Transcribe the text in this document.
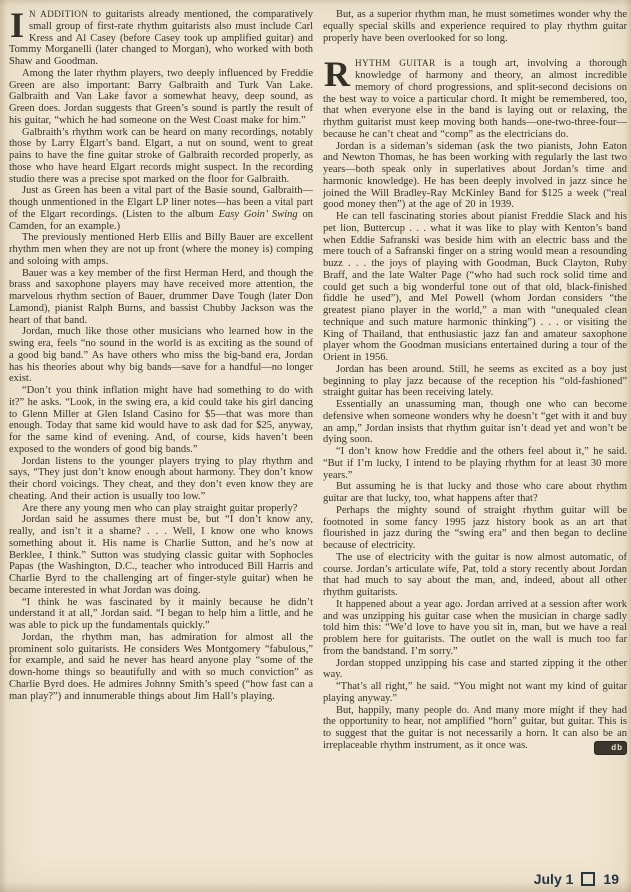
I N ADDITION to guitarists already mentioned, the comparatively small group of first-rate rhythm guitarists also must include Carl Kress and Al Casey (before Casey took up amplified guitar) and Tommy Morganelli (later changed to Morgan), who worked with both Shaw and Goodman.

Among the later rhythm players, two deeply influenced by Freddie Green are also important: Barry Galbraith and Turk Van Lake. Galbraith and Van Lake favor a somewhat heavy, deep sound, as Green does. Jordan suggests that Green’s sound is partly the result of his guitar, “which he had someone on the West Coast make for him.”

Galbraith’s rhythm work can be heard on many recordings, notably those by Larry Elgart’s band. Elgart, a nut on sound, went to great pains to have the fine guitar stroke of Galbraith recorded properly, as those who have heard Elgart records might suspect. In the recording studio there was a precise spot marked on the floor for Galbraith.

Just as Green has been a vital part of the Basie sound, Galbraith—though unmentioned in the Elgart LP liner notes—has been a vital part of the Elgart recordings. (Listen to the album Easy Goin’ Swing on Camden, for an example.)

The previously mentioned Herb Ellis and Billy Bauer are excellent rhythm men when they are not up front (where the money is) comping and soloing with amps.

Bauer was a key member of the first Herman Herd, and though the brass and saxophone players may have received more attention, the marvelous rhythm section of Bauer, drummer Dave Tough (later Don Lamond), pianist Ralph Burns, and bassist Chubby Jackson was the heart of that band.

Jordan, much like those other musicians who learned how in the swing era, feels “no sound in the world is as exciting as the sound of a good big band.” As have others who miss the big-band era, Jordan has his theories about why big bands—save for a handful—no longer exist.

“Don’t you think inflation might have had something to do with it?” he asks. “Look, in the swing era, a kid could take his girl dancing to Glenn Miller at Glen Island Casino for $5—that was more than enough. Today that same kid would have to ask dad for $25, anyway, for the same kind of evening. And, of course, kids haven’t been exposed to the wonders of good big bands.”

Jordan listens to the younger players trying to play rhythm and says, “They just don’t know enough about harmony. They don’t know their chord voicings. They cheat, and they don’t even know they are cheating. And their action is usually too low.”

Are there any young men who can play straight guitar properly?

Jordan said he assumes there must be, but “I don’t know any, really, and isn’t it a shame? . . . Well, I know one who knows something about it. His name is Charlie Sutton, and he’s now at Berklee, I think.” Sutton was studying classic guitar with Sophocles Papas (the Washington, D.C., teacher who introduced Bill Harris and Charlie Byrd to the challenging art of finger-style guitar) when he became interested in what Jordan was doing.

“I think he was fascinated by it mainly because he didn’t understand it at all,” Jordan said. “I began to help him a little, and he was able to pick up the fundamentals quickly.”

Jordan, the rhythm man, has admiration for almost all the prominent solo guitarists. He considers Wes Montgomery “fabulous,” for example, and said he never has heard anyone play “some of the down-home things so beautifully and with so much conviction” as Charlie Byrd does. He admires Johnny Smith’s speed (“how fast can a man play?”) and innumerable things about Jim Hall’s playing.

But, as a superior rhythm man, he must sometimes wonder why the equally special skills and experience required to play rhythm guitar properly have been overlooked for so long.

RHYTHM GUITAR is a tough art, involving a thorough knowledge of harmony and theory, an almost incredible memory of chord progressions, and split-second decisions on the best way to voice a particular chord. It might be remembered, too, that when everyone else in the band is laying out or relaxing, the rhythm guitarist must keep moving both hands—one-two-three-four—because he can’t cheat and “comp” as the electricians do.

Jordan is a sideman’s sideman (ask the two pianists, John Eaton and Newton Thomas, he has been working with regularly the last two years—both speak only in superlatives about Jordan’s time and harmonic knowledge). He has been deeply involved in jazz since he joined the Will Bradley-Ray McKinley Band for $125 a week (“real good money then”) at the age of 20 in 1939.

He can tell fascinating stories about pianist Freddie Slack and his pet lion, Buttercup . . . what it was like to play with Kenton’s band when Eddie Safranski was beside him with an electric bass and the mere touch of a Safranski finger on a string would mean a resounding buzz . . . the joys of playing with Goodman, Buck Clayton, Ruby Braff, and the late Walter Page (“who had such rock solid time and could get such a big wonderful tone out of that old, black-finished fiddle he used”), and Mel Powell (whom Jordan considers “the greatest piano player in the world,” a man with “unequaled clean technique and such mature harmonic thinking”) . . . or visiting the King of Thailand, that enthusiastic jazz fan and amateur saxophone player whom the Goodman musicians entertained during a tour of the Orient in 1956.

Jordan has been around. Still, he seems as excited as a boy just beginning to play jazz because of the reception his “old-fashioned” straight guitar has been receiving lately.

Essentially an unassuming man, though one who can become defensive when someone wonders why he doesn’t “get with it and buy an amp,” Jordan insists that rhythm guitar isn’t dead yet and won’t be dying soon.

“I don’t know how Freddie and the others feel about it,” he said. “But if I’m lucky, I intend to be playing rhythm for at least 30 more years.”

But assuming he is that lucky and those who care about rhythm guitar are that lucky, too, what happens after that?

Perhaps the mighty sound of straight rhythm guitar will be footnoted in some fancy 1995 jazz history book as an art that flourished in jazz during the “swing era” and then began to decline because of electricity.

The use of electricity with the guitar is now almost automatic, of course. Jordan’s articulate wife, Pat, told a story recently about Jordan that had much to say about the man, and, indeed, about all other rhythm guitarists.

It happened about a year ago. Jordan arrived at a session after work and was unzipping his guitar case when the musician in charge sadly told him this: “We’d love to have you sit in, man, but we have a real problem here for guitarists. The outlet on the wall is much too far from the bandstand. I’m sorry.”

Jordan stopped unzipping his case and started zipping it the other way.

“That’s all right,” he said. “You might not want my kind of guitar playing anyway.”

But, happily, many people do. And many more might if they had the opportunity to hear, not amplified “horn” guitar, but guitar. This is to suggest that the guitar is not necessarily a horn. It can also be an irreplaceable rhythm instrument, as it once was.	db

July 1 19
